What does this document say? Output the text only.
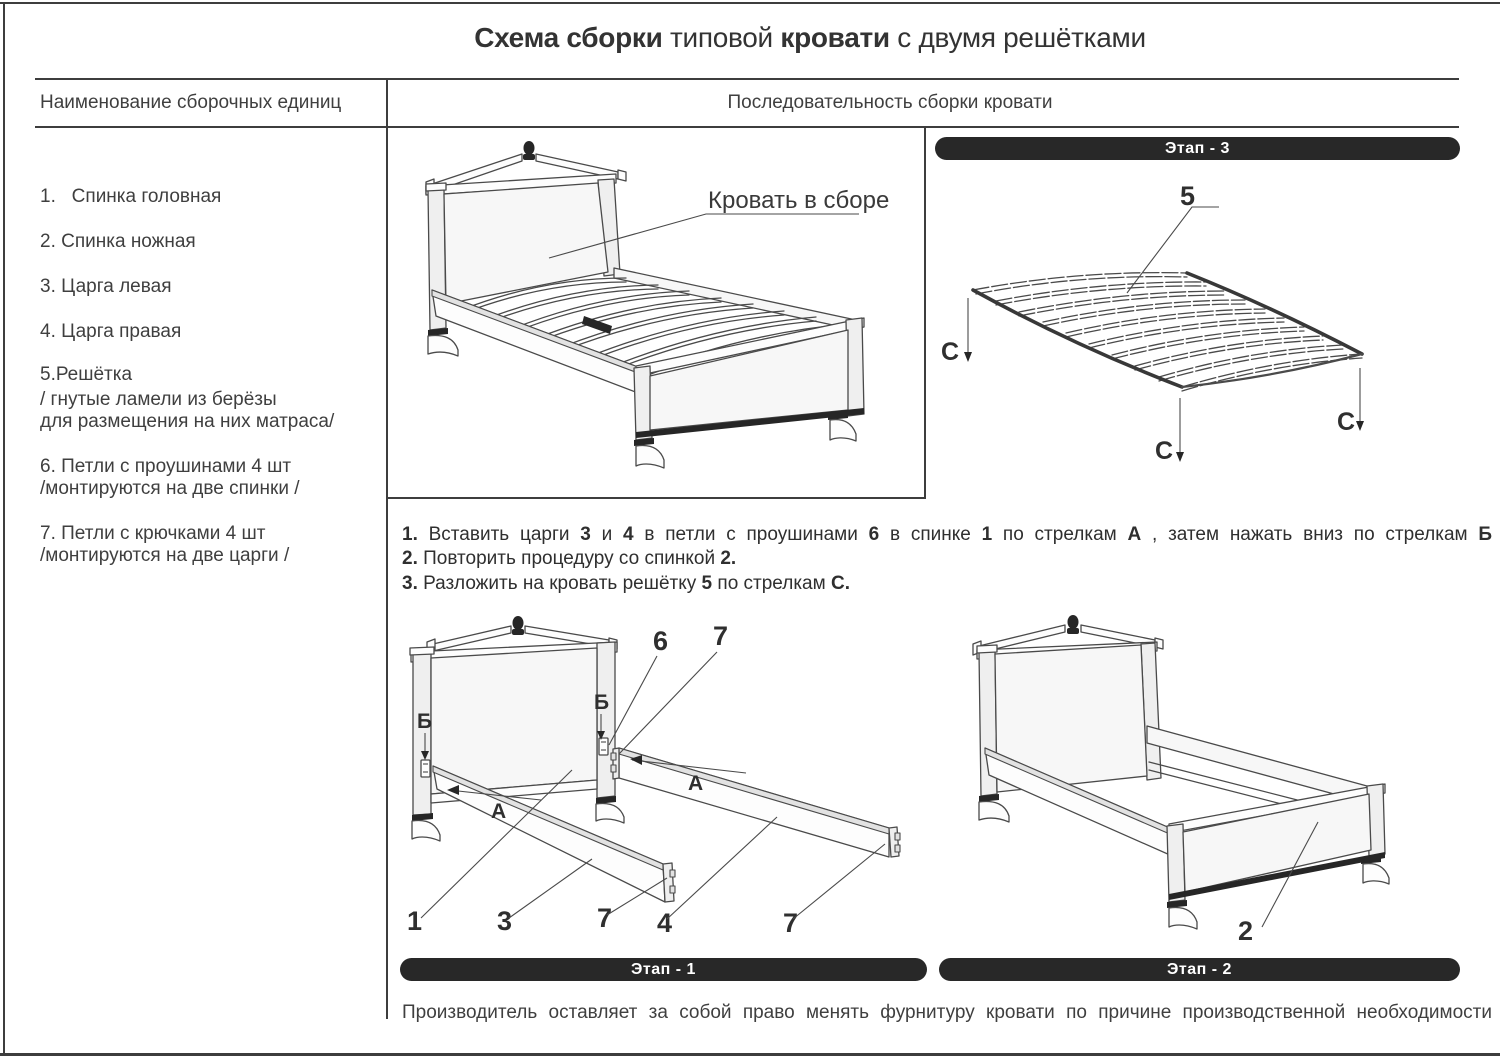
Схема сборки типовой кровати с двумя решётками
Наименование сборочных единиц	Последовательность сборки кровати
1.   Спинка головная
2. Спинка ножная
3. Царга левая
4. Царга правая
5.Решётка
/ гнутые ламели из берёзы
для размещения на них матраса/
6. Петли с проушинами 4 шт
/монтируются на две спинки /
7. Петли с крючками 4 шт
/монтируются на две царги /
Этап - 3
Этап - 1	Этап - 2
Кровать в сборе	5
С
С
С
Б
Б
А
А
6 7
1	3	7 4	7	2
1. Вставить царги 3 и 4 в петли с проушинами 6 в спинке 1 по стрелкам А , затем нажать вниз по стрелкам Б
2. Повторить процедуру со спинкой 2.
3. Разложить на кровать решётку 5 по стрелкам С.
Производитель оставляет за собой право менять фурнитуру кровати по причине производственной необходимости
